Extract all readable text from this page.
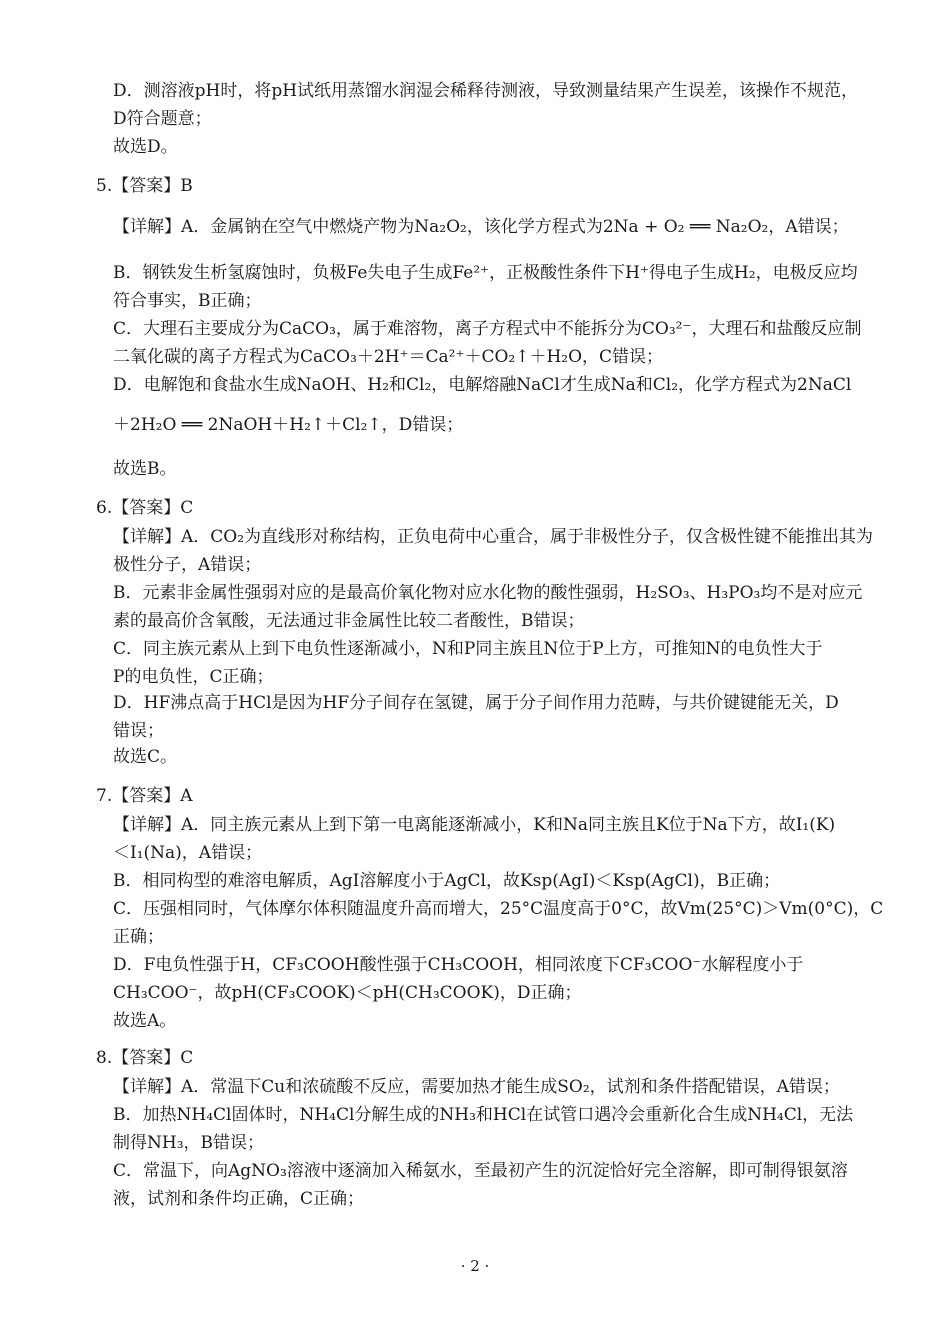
D．测溶液pH时，将pH试纸用蒸馏水润湿会稀释待测液，导致测量结果产生误差，该操作不规范，
D符合题意；
故选D。
5.【答案】B
【详解】A．金属钠在空气中燃烧产物为Na₂O₂，该化学方程式为2Na + O₂ ══ Na₂O₂，A错误；
B．钢铁发生析氢腐蚀时，负极Fe失电子生成Fe²⁺，正极酸性条件下H⁺得电子生成H₂，电极反应均
符合事实，B正确；
C．大理石主要成分为CaCO₃，属于难溶物，离子方程式中不能拆分为CO₃²⁻，大理石和盐酸反应制
二氧化碳的离子方程式为CaCO₃＋2H⁺＝Ca²⁺＋CO₂↑＋H₂O，C错误；
D．电解饱和食盐水生成NaOH、H₂和Cl₂，电解熔融NaCl才生成Na和Cl₂，化学方程式为2NaCl
＋2H₂O ══ 2NaOH＋H₂↑＋Cl₂↑，D错误；
故选B。
6.【答案】C
【详解】A．CO₂为直线形对称结构，正负电荷中心重合，属于非极性分子，仅含极性键不能推出其为
极性分子，A错误；
B．元素非金属性强弱对应的是最高价氧化物对应水化物的酸性强弱，H₂SO₃、H₃PO₃均不是对应元
素的最高价含氧酸，无法通过非金属性比较二者酸性，B错误；
C．同主族元素从上到下电负性逐渐减小，N和P同主族且N位于P上方，可推知N的电负性大于
P的电负性，C正确；
D．HF沸点高于HCl是因为HF分子间存在氢键，属于分子间作用力范畴，与共价键键能无关，D
错误；
故选C。
7.【答案】A
【详解】A．同主族元素从上到下第一电离能逐渐减小，K和Na同主族且K位于Na下方，故I₁(K)
＜I₁(Na)，A错误；
B．相同构型的难溶电解质，AgI溶解度小于AgCl，故Ksp(AgI)＜Ksp(AgCl)，B正确；
C．压强相同时，气体摩尔体积随温度升高而增大，25°C温度高于0°C，故Vm(25°C)＞Vm(0°C)，C
正确；
D．F电负性强于H，CF₃COOH酸性强于CH₃COOH，相同浓度下CF₃COO⁻水解程度小于
CH₃COO⁻，故pH(CF₃COOK)＜pH(CH₃COOK)，D正确；
故选A。
8.【答案】C
【详解】A．常温下Cu和浓硫酸不反应，需要加热才能生成SO₂，试剂和条件搭配错误，A错误；
B．加热NH₄Cl固体时，NH₄Cl分解生成的NH₃和HCl在试管口遇冷会重新化合生成NH₄Cl，无法
制得NH₃，B错误；
C．常温下，向AgNO₃溶液中逐滴加入稀氨水，至最初产生的沉淀恰好完全溶解，即可制得银氨溶
液，试剂和条件均正确，C正确；
· 2 ·
